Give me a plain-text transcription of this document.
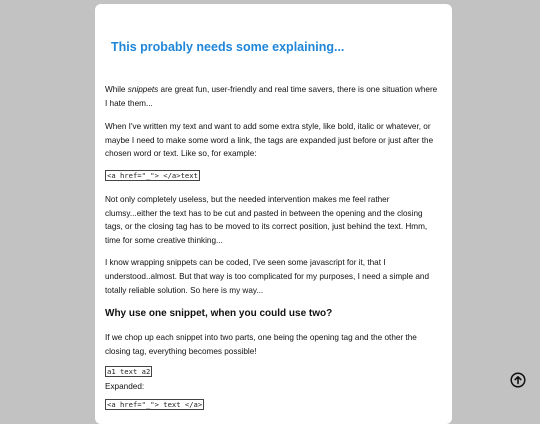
This probably needs some explaining...

While snippets are great fun, user-friendly and real time savers, there is one situation where I hate them...

When I've written my text and want to add some extra style, like bold, italic or whatever, or maybe I need to make some word a link, the tags are expanded just before or just after the chosen word or text. Like so, for example:

<a href="_"> </a>text

Not only completely useless, but the needed intervention makes me feel rather clumsy...either the text has to be cut and pasted in between the opening and the closing tags, or the closing tag has to be moved to its correct position, just behind the text. Hmm, time for some creative thinking...

I know wrapping snippets can be coded, I've seen some javascript for it, that I understood..almost. But that way is too complicated for my purposes, I need a simple and totally reliable solution. So here is my way...

Why use one snippet, when you could use two?

If we chop up each snippet into two parts, one being the opening tag and the other the closing tag, everything becomes possible!

a1 text a2

Expanded:

<a href="_"> text </a>
